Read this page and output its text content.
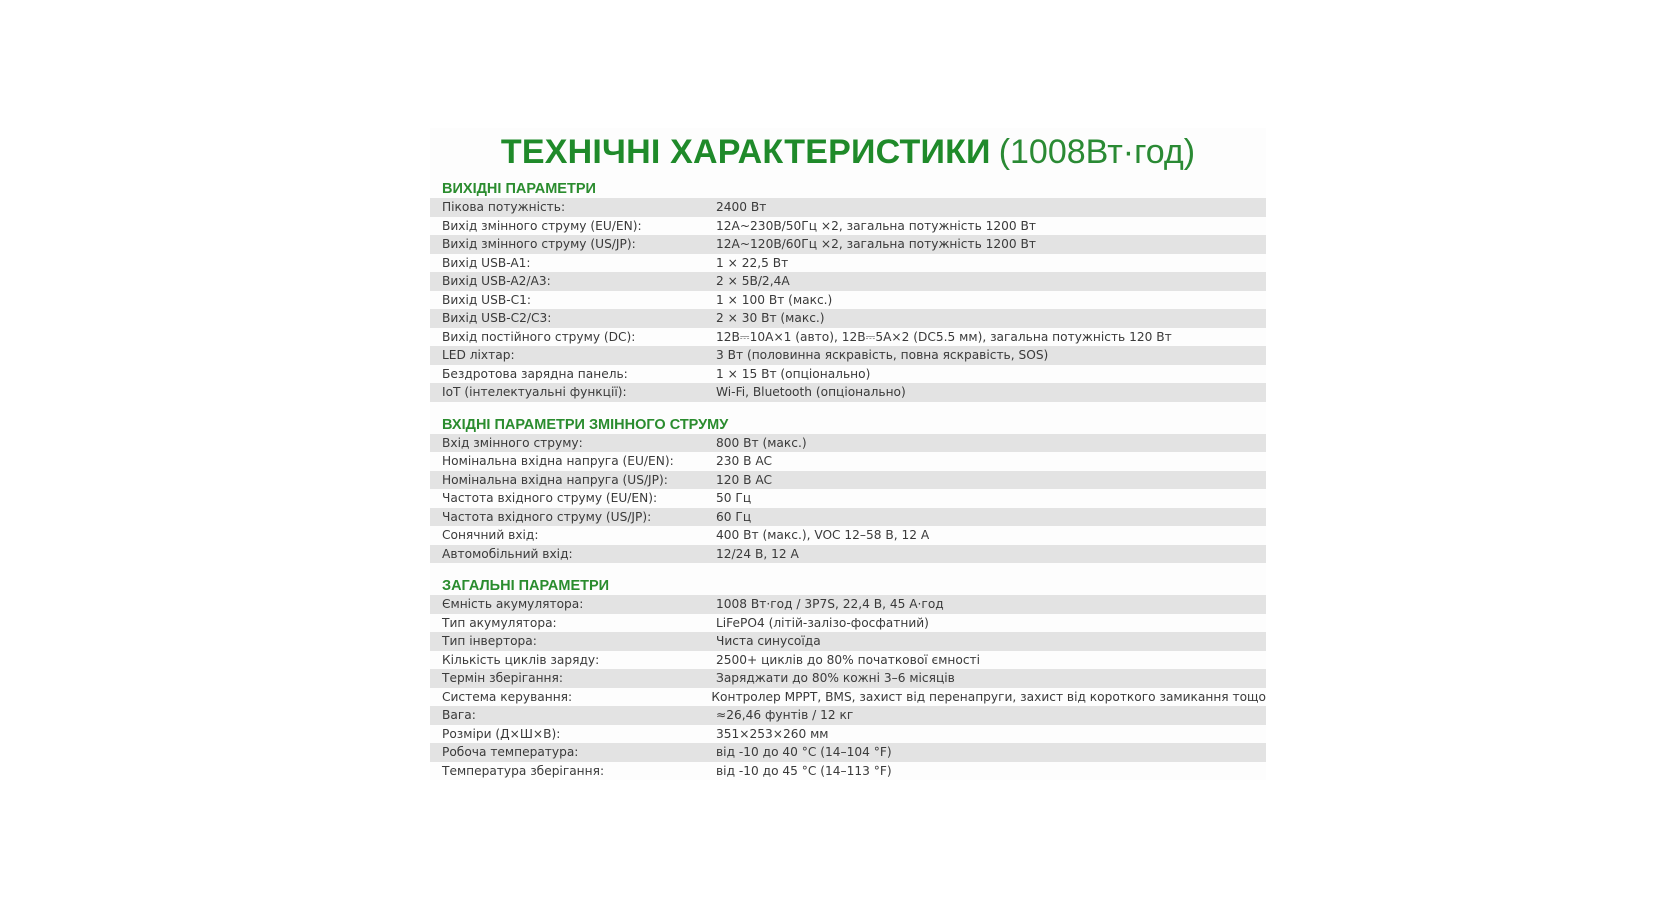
ТЕХНІЧНІ ХАРАКТЕРИСТИКИ (1008Вт·год)
ВИХІДНІ ПАРАМЕТРИ
Пікова потужність:	2400 Вт
Вихід змінного струму (EU/EN):	12А~230В/50Гц ×2, загальна потужність 1200 Вт
Вихід змінного струму (US/JP):	12А~120В/60Гц ×2, загальна потужність 1200 Вт
Вихід USB-A1:	1 × 22,5 Вт
Вихід USB-A2/A3:	2 × 5В/2,4А
Вихід USB-C1:	1 × 100 Вт (макс.)
Вихід USB-C2/C3:	2 × 30 Вт (макс.)
Вихід постійного струму (DC):	12В⎓10А×1 (авто), 12В⎓5А×2 (DC5.5 мм), загальна потужність 120 Вт
LED ліхтар:	3 Вт (половинна яскравість, повна яскравість, SOS)
Бездротова зарядна панель:	1 × 15 Вт (опціонально)
IoT (інтелектуальні функції):	Wi-Fi, Bluetooth (опціонально)
ВХІДНІ ПАРАМЕТРИ ЗМІННОГО СТРУМУ
Вхід змінного струму:	800 Вт (макс.)
Номінальна вхідна напруга (EU/EN):	230 В AC
Номінальна вхідна напруга (US/JP):	120 В AC
Частота вхідного струму (EU/EN):	50 Гц
Частота вхідного струму (US/JP):	60 Гц
Сонячний вхід:	400 Вт (макс.), VOC 12–58 В, 12 А
Автомобільний вхід:	12/24 В, 12 А
ЗАГАЛЬНІ ПАРАМЕТРИ
Ємність акумулятора:	1008 Вт·год / 3P7S, 22,4 В, 45 А·год
Тип акумулятора:	LiFePO4 (літій-залізо-фосфатний)
Тип інвертора:	Чиста синусоїда
Кількість циклів заряду:	2500+ циклів до 80% початкової ємності
Термін зберігання:	Заряджати до 80% кожні 3–6 місяців
Система керування:	Контролер MPPT, BMS, захист від перенапруги, захист від короткого замикання тощо
Вага:	≈26,46 фунтів / 12 кг
Розміри (Д×Ш×В):	351×253×260 мм
Робоча температура:	від -10 до 40 °C (14–104 °F)
Температура зберігання:	від -10 до 45 °C (14–113 °F)
